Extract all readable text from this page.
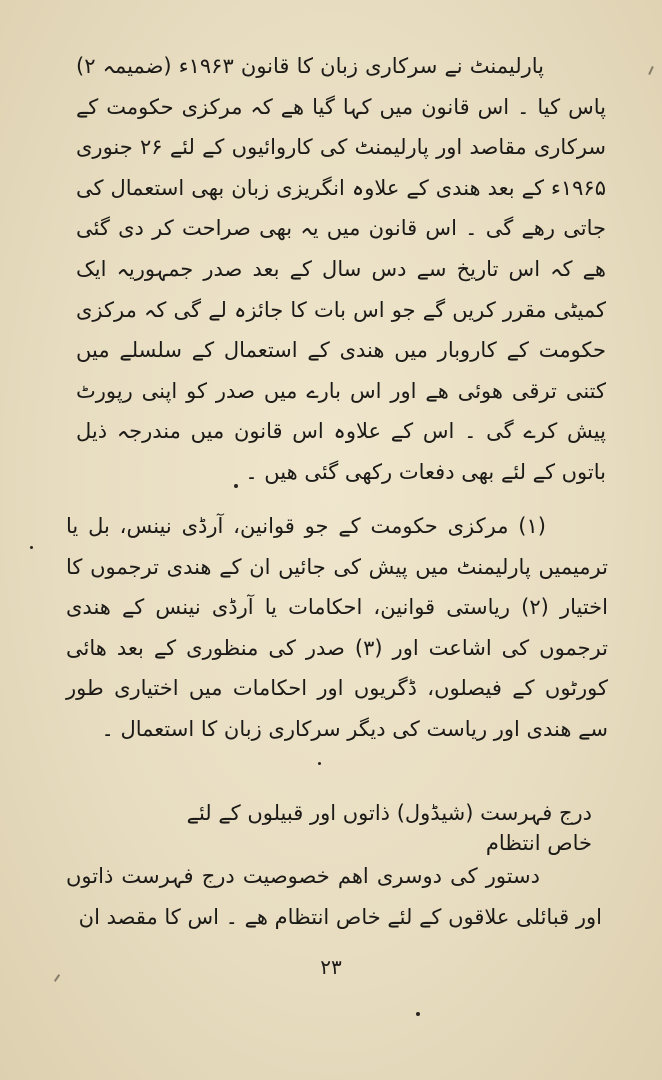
پارلیمنٹ نے سرکاری زبان کا قانون ۱۹۶۳ء (ضمیمہ ۲) پاس کیا ۔ اس قانون میں کہا گیا ھے کہ مرکزی حکومت کے سرکاری مقاصد اور پارلیمنٹ کی کاروائیوں کے لئے ۲۶ جنوری ۱۹۶۵ء کے بعد ھندی کے علاوہ انگریزی زبان بھی استعمال کی جاتی رھے گی ۔ اس قانون میں یہ بھی صراحت کر دی گئی ھے کہ اس تاریخ سے دس سال کے بعد صدر جمہوریہ ایک کمیٹی مقرر کریں گے جو اس بات کا جائزہ لے گی کہ مرکزی حکومت کے کاروبار میں ھندی کے استعمال کے سلسلے میں کتنی ترقی ھوئی ھے اور اس بارے میں صدر کو اپنی رپورٹ پیش کرے گی ۔ اس کے علاوہ اس قانون میں مندرجہ ذیل باتوں کے لئے بھی دفعات رکھی گئی ھیں ۔
(۱) مرکزی حکومت کے جو قوانین، آرڈی نینس، بل یا ترمیمیں پارلیمنٹ میں پیش کی جائیں ان کے ھندی ترجموں کا اختیار (۲) ریاستی قوانین، احکامات یا آرڈی نینس کے ھندی ترجموں کی اشاعت اور (۳) صدر کی منظوری کے بعد ھائی کورٹوں کے فیصلوں، ڈگریوں اور احکامات میں اختیاری طور سے ھندی اور ریاست کی دیگر سرکاری زبان کا استعمال ۔
درج فہرست (شیڈول) ذاتوں اور قبیلوں کے لئے خاص انتظام
دستور کی دوسری اھم خصوصیت درج فہرست ذاتوں اور قبائلی علاقوں کے لئے خاص انتظام ھے ۔ اس کا مقصد ان
۲۳
